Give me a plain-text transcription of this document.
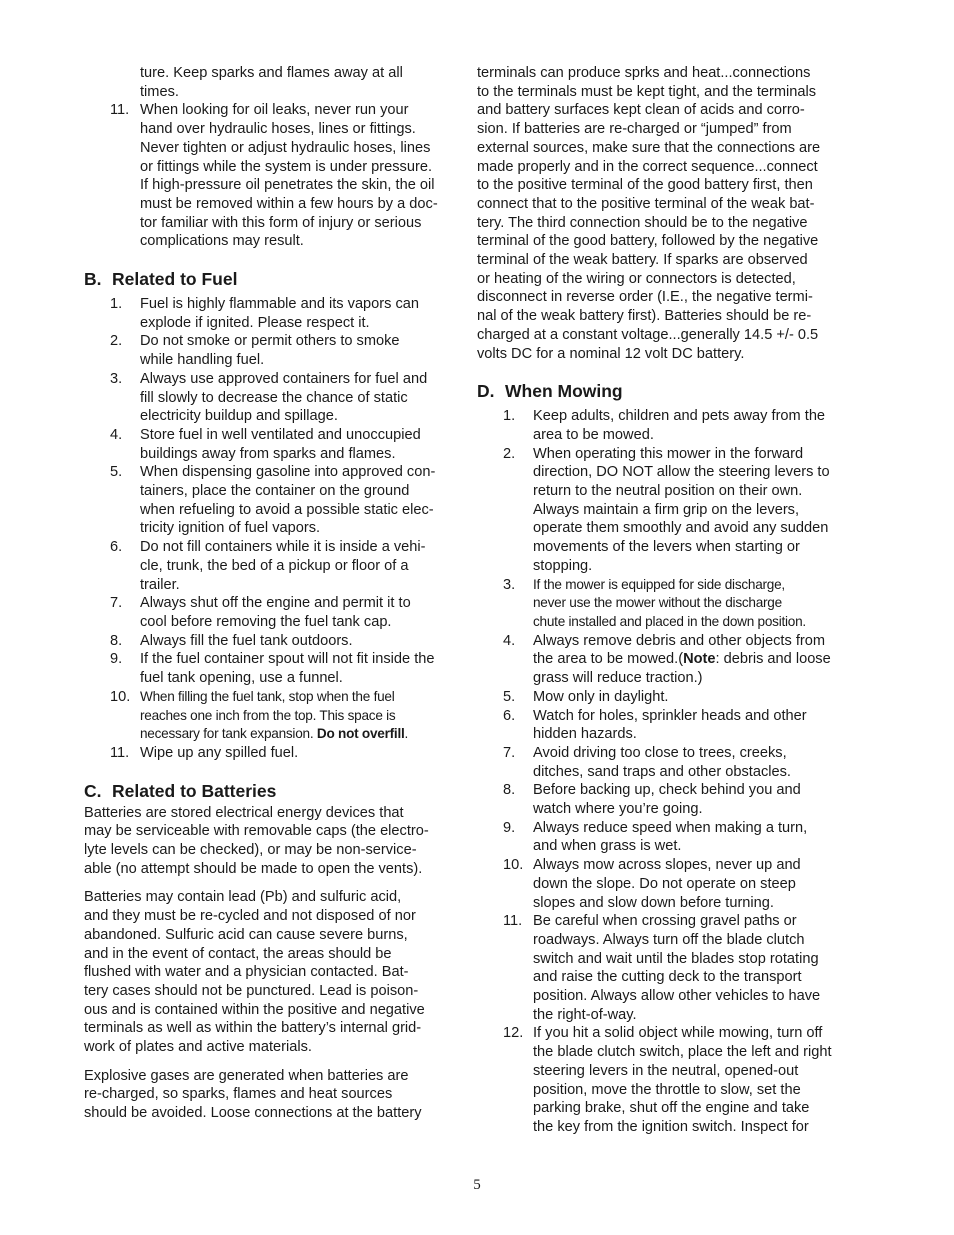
ture. Keep sparks and flames away at all
times.
11. When looking for oil leaks, never run your
hand over hydraulic hoses, lines or fittings.
Never tighten or adjust hydraulic hoses, lines
or fittings while the system is under pressure.
If high-pressure oil penetrates the skin, the oil
must be removed within a few hours by a doc-
tor familiar with this form of injury or serious
complications may result.
B. Related to Fuel
1. Fuel is highly flammable and its vapors can
explode if ignited. Please respect it.
2. Do not smoke or permit others to smoke
while handling fuel.
3. Always use approved containers for fuel and
fill slowly to decrease the chance of static
electricity buildup and spillage.
4. Store fuel in well ventilated and unoccupied
buildings away from sparks and flames.
5. When dispensing gasoline into approved con-
tainers, place the container on the ground
when refueling to avoid a possible static elec-
tricity ignition of fuel vapors.
6. Do not fill containers while it is inside a vehi-
cle, trunk, the bed of a pickup or floor of a
trailer.
7. Always shut off the engine and permit it to
cool before removing the fuel tank cap.
8. Always fill the fuel tank outdoors.
9. If the fuel container spout will not fit inside the
fuel tank opening, use a funnel.
10. When filling the fuel tank, stop when the fuel
reaches one inch from the top. This space is
necessary for tank expansion. Do not overfill.
11. Wipe up any spilled fuel.
C. Related to Batteries

Batteries are stored electrical energy devices that
may be serviceable with removable caps (the electro-
lyte levels can be checked), or may be non-service-
able (no attempt should be made to open the vents).

Batteries may contain lead (Pb) and sulfuric acid,
and they must be re-cycled and not disposed of nor
abandoned. Sulfuric acid can cause severe burns,
and in the event of contact, the areas should be
flushed with water and a physician contacted. Bat-
tery cases should not be punctured. Lead is poison-
ous and is contained within the positive and negative
terminals as well as within the battery’s internal grid-
work of plates and active materials.

Explosive gases are generated when batteries are
re-charged, so sparks, flames and heat sources
should be avoided. Loose connections at the battery

terminals can produce sprks and heat...connections
to the terminals must be kept tight, and the terminals
and battery surfaces kept clean of acids and corro-
sion. If batteries are re-charged or “jumped” from
external sources, make sure that the connections are
made properly and in the correct sequence...connect
to the positive terminal of the good battery first, then
connect that to the positive terminal of the weak bat-
tery. The third connection should be to the negative
terminal of the good battery, followed by the negative
terminal of the weak battery. If sparks are observed
or heating of the wiring or connectors is detected,
disconnect in reverse order (I.E., the negative termi-
nal of the weak battery first). Batteries should be re-
charged at a constant voltage...generally 14.5 +/- 0.5
volts DC for a nominal 12 volt DC battery.

D. When Mowing
1. Keep adults, children and pets away from the
area to be mowed.
2. When operating this mower in the forward
direction, DO NOT allow the steering levers to
return to the neutral position on their own.
Always maintain a firm grip on the levers,
operate them smoothly and avoid any sudden
movements of the levers when starting or
stopping.
3. If the mower is equipped for side discharge,
never use the mower without the discharge
chute installed and placed in the down position.
4. Always remove debris and other objects from
the area to be mowed.(Note: debris and loose
grass will reduce traction.)
5. Mow only in daylight.
6. Watch for holes, sprinkler heads and other
hidden hazards.
7. Avoid driving too close to trees, creeks,
ditches, sand traps and other obstacles.
8. Before backing up, check behind you and
watch where you’re going.
9. Always reduce speed when making a turn,
and when grass is wet.
10. Always mow across slopes, never up and
down the slope. Do not operate on steep
slopes and slow down before turning.
11. Be careful when crossing gravel paths or
roadways. Always turn off the blade clutch
switch and wait until the blades stop rotating
and raise the cutting deck to the transport
position. Always allow other vehicles to have
the right-of-way.
12. If you hit a solid object while mowing, turn off
the blade clutch switch, place the left and right
steering levers in the neutral, opened-out
position, move the throttle to slow, set the
parking brake, shut off the engine and take
the key from the ignition switch. Inspect for
5
